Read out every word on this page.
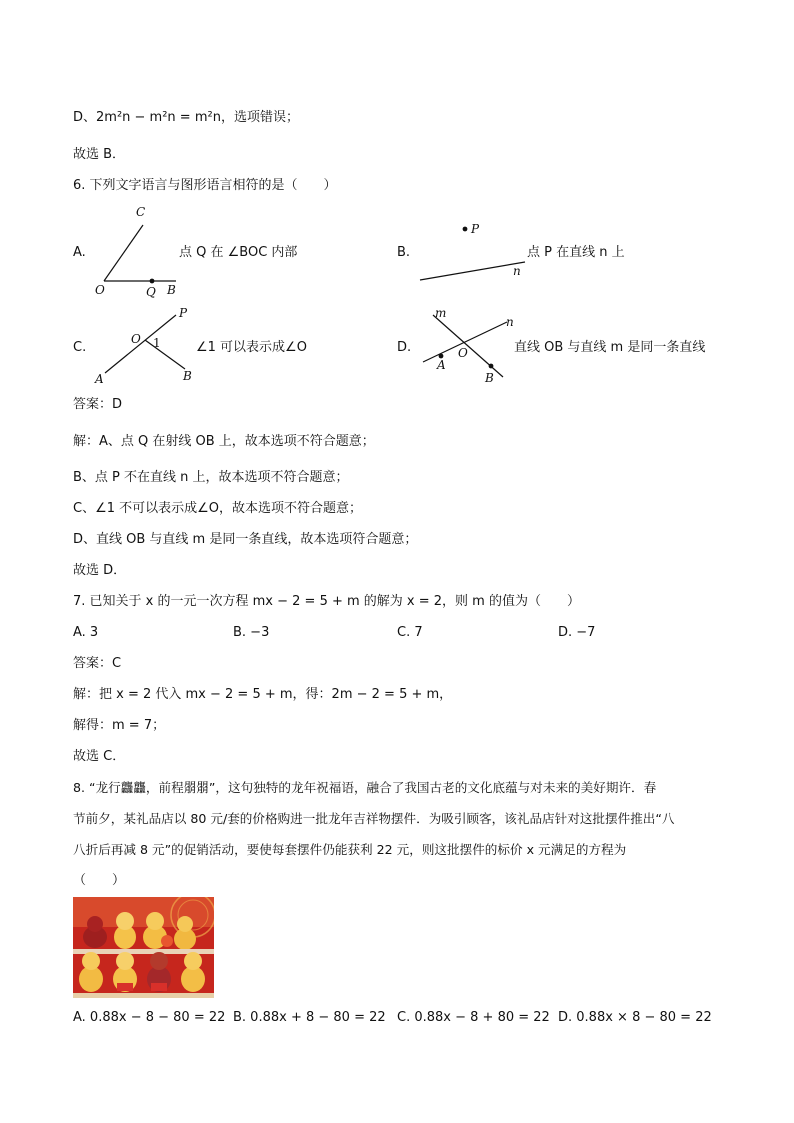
D、2m²n − m²n = m²n，选项错误；
故选 B．
6. 下列文字语言与图形语言相符的是（　　）
A.
C
O	Q B
点 Q 在 ∠BOC 内部	B.
P
n
点 P 在直线 n 上
C.
P
O 1
A	B
∠1 可以表示成∠O	D.
m
n
O
A
B
直线 OB 与直线 m 是同一条直线
答案：D
解：A、点 Q 在射线 OB 上，故本选项不符合题意；
B、点 P 不在直线 n 上，故本选项不符合题意；
C、∠1 不可以表示成∠O，故本选项不符合题意；
D、直线 OB 与直线 m 是同一条直线，故本选项符合题意；
故选 D．
7. 已知关于 x 的一元一次方程 mx − 2 = 5 + m 的解为 x = 2，则 m 的值为（　　）
A. 3	B. −3	C. 7	D. −7
答案：C
解：把 x = 2 代入 mx − 2 = 5 + m，得：2m − 2 = 5 + m，
解得：m = 7；
故选 C．
8. “龙行龘龘，前程朤朤”，这句独特的龙年祝福语，融合了我国古老的文化底蕴与对未来的美好期许．春
节前夕，某礼品店以 80 元/套的价格购进一批龙年吉祥物摆件．为吸引顾客，该礼品店针对这批摆件推出“八
八折后再减 8 元”的促销活动，要使每套摆件仍能获利 22 元，则这批摆件的标价 x 元满足的方程为
（　　）
A. 0.88x − 8 − 80 = 22 B. 0.88x + 8 − 80 = 22 C. 0.88x − 8 + 80 = 22 D. 0.88x × 8 − 80 = 22
